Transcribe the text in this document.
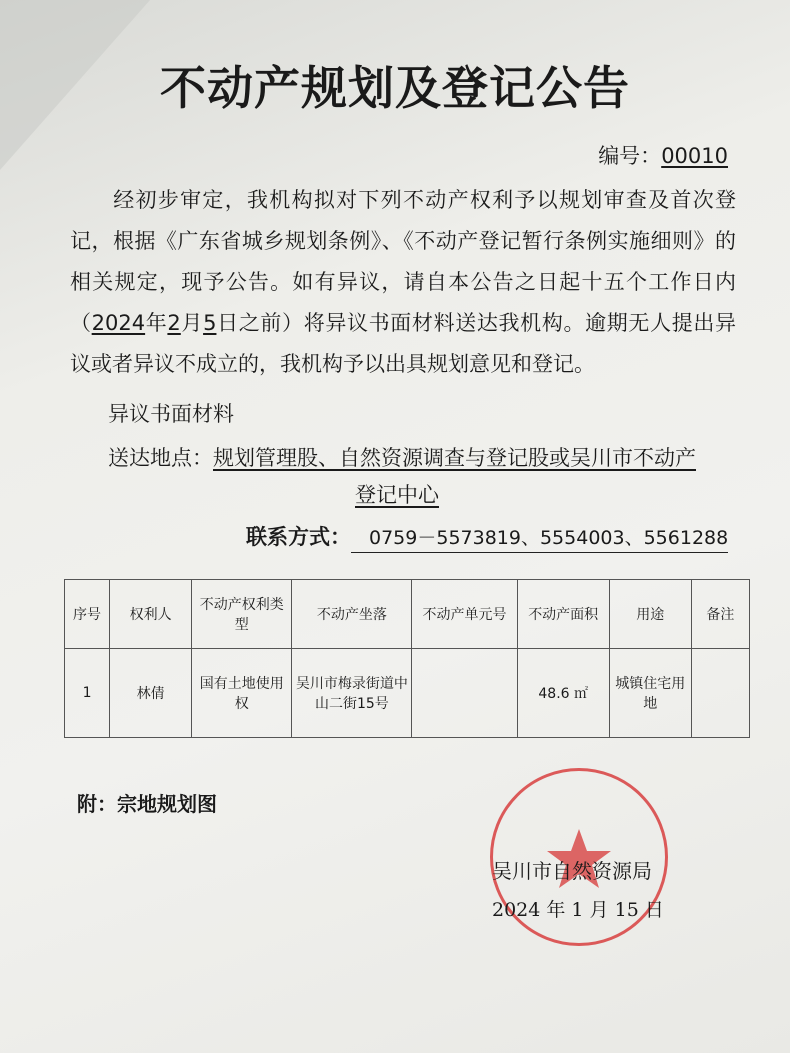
不动产规划及登记公告
编号：00010

  经初步审定，我机构拟对下列不动产权利予以规划审查及首次登记，根据《广东省城乡规划条例》、《不动产登记暂行条例实施细则》的相关规定，现予公告。如有异议，请自本公告之日起十五个工作日内（2024年2月5日之前）将异议书面材料送达我机构。逾期无人提出异议或者异议不成立的，我机构予以出具规划意见和登记。

异议书面材料
送达地点：规划管理股、自然资源调查与登记股或吴川市不动产
登记中心
联系方式： 0759－5573819、5554003、5561288
序号	权利人	不动产权利类型	不动产坐落	不动产单元号	不动产面积	用途	备注
1	林倩	国有土地使用权	吴川市梅录街道中山二街15号		48.6 ㎡	城镇住宅用地	
附：宗地规划图
吴川市自然资源局
2024 年 1 月 15 日
